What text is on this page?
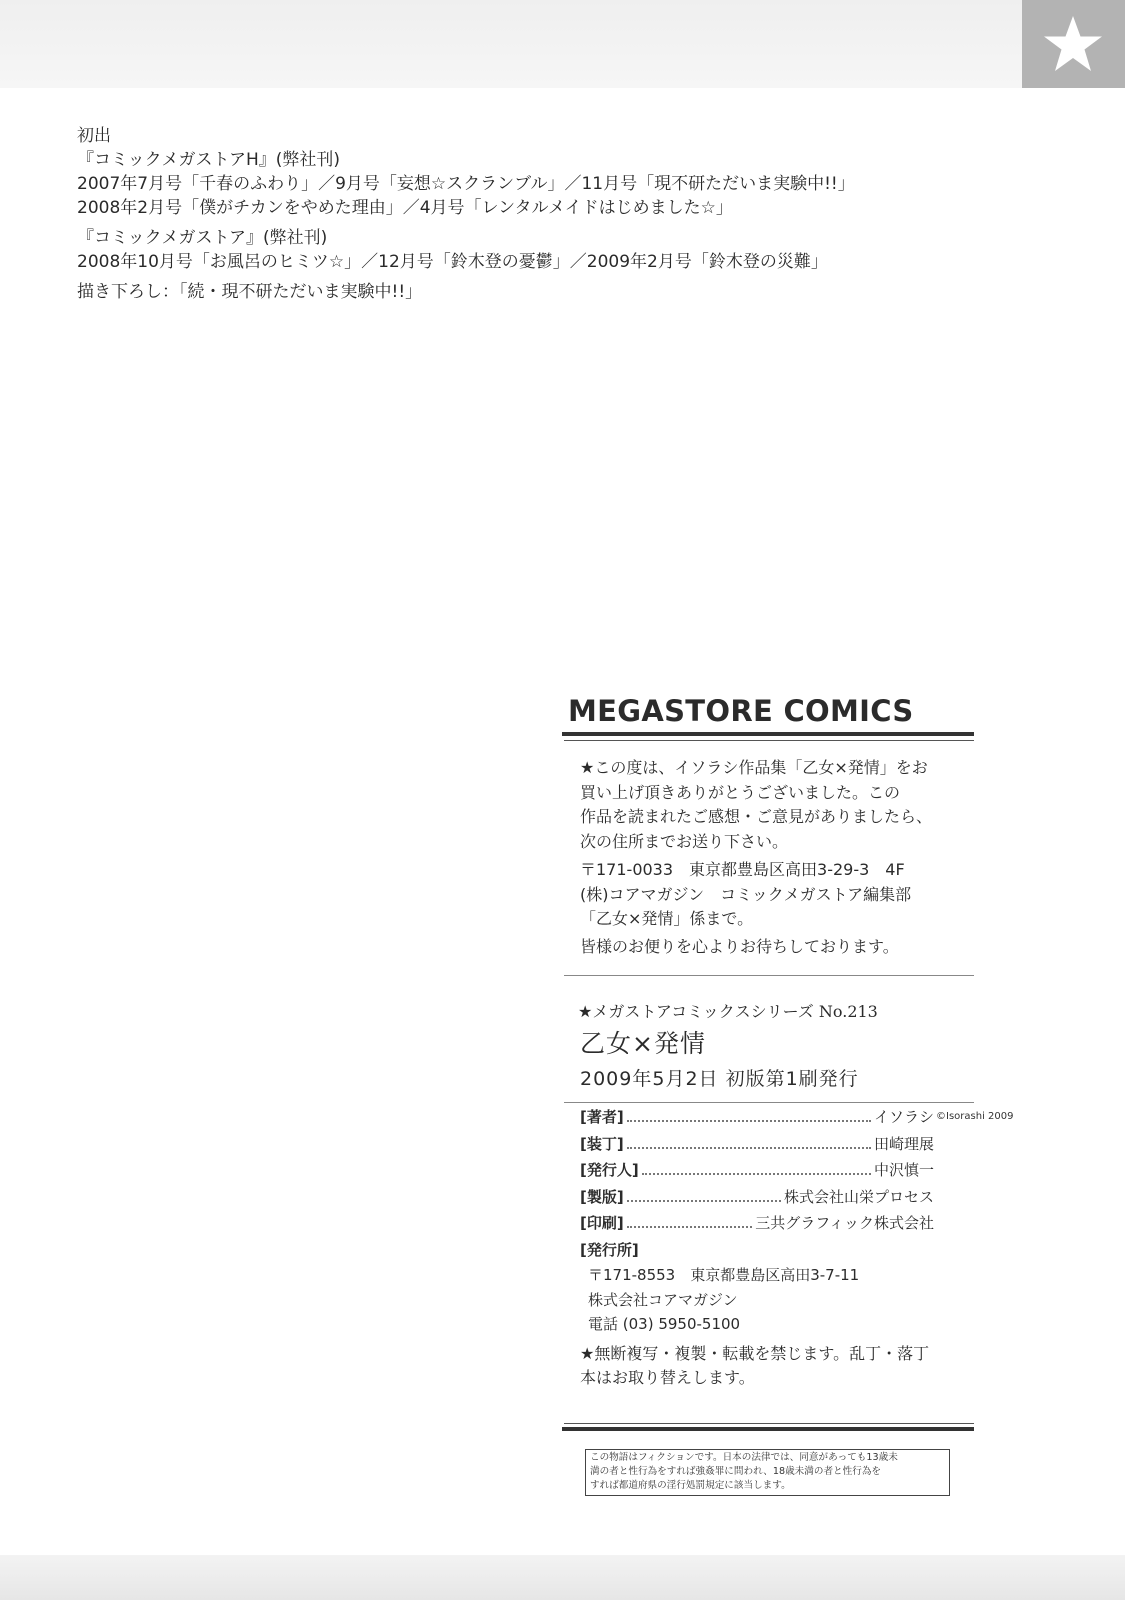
初出
『コミックメガストアH』(弊社刊)
2007年7月号「千春のふわり」／9月号「妄想☆スクランブル」／11月号「現不研ただいま実験中!!」
2008年2月号「僕がチカンをやめた理由」／4月号「レンタルメイドはじめました☆」
『コミックメガストア』(弊社刊)
2008年10月号「お風呂のヒミツ☆」／12月号「鈴木登の憂鬱」／2009年2月号「鈴木登の災難」
描き下ろし：「続・現不研ただいま実験中!!」
MEGASTORE COMICS
★この度は、イソラシ作品集「乙女×発情」をお
買い上げ頂きありがとうございました。この
作品を読まれたご感想・ご意見がありましたら、
次の住所までお送り下さい。
〒171-0033　東京都豊島区高田3-29-3　4F
(株)コアマガジン　コミックメガストア編集部
「乙女×発情」係まで。
皆様のお便りを心よりお待ちしております。
★メガストアコミックスシリーズ No.213
乙女×発情
2009年5月2日 初版第1刷発行
[著者]	イソラシ
[装丁]	田崎理展
[発行人]	中沢慎一
[製版]	株式会社山栄プロセス
[印刷]	三共グラフィック株式会社
©Isorashi 2009
[発行所]
〒171-8553　東京都豊島区高田3-7-11
株式会社コアマガジン
電話 (03) 5950-5100
★無断複写・複製・転載を禁じます。乱丁・落丁
本はお取り替えします。
この物語はフィクションです。日本の法律では、同意があっても13歳未
満の者と性行為をすれば強姦罪に問われ、18歳未満の者と性行為を
すれば都道府県の淫行処罰規定に該当します。
